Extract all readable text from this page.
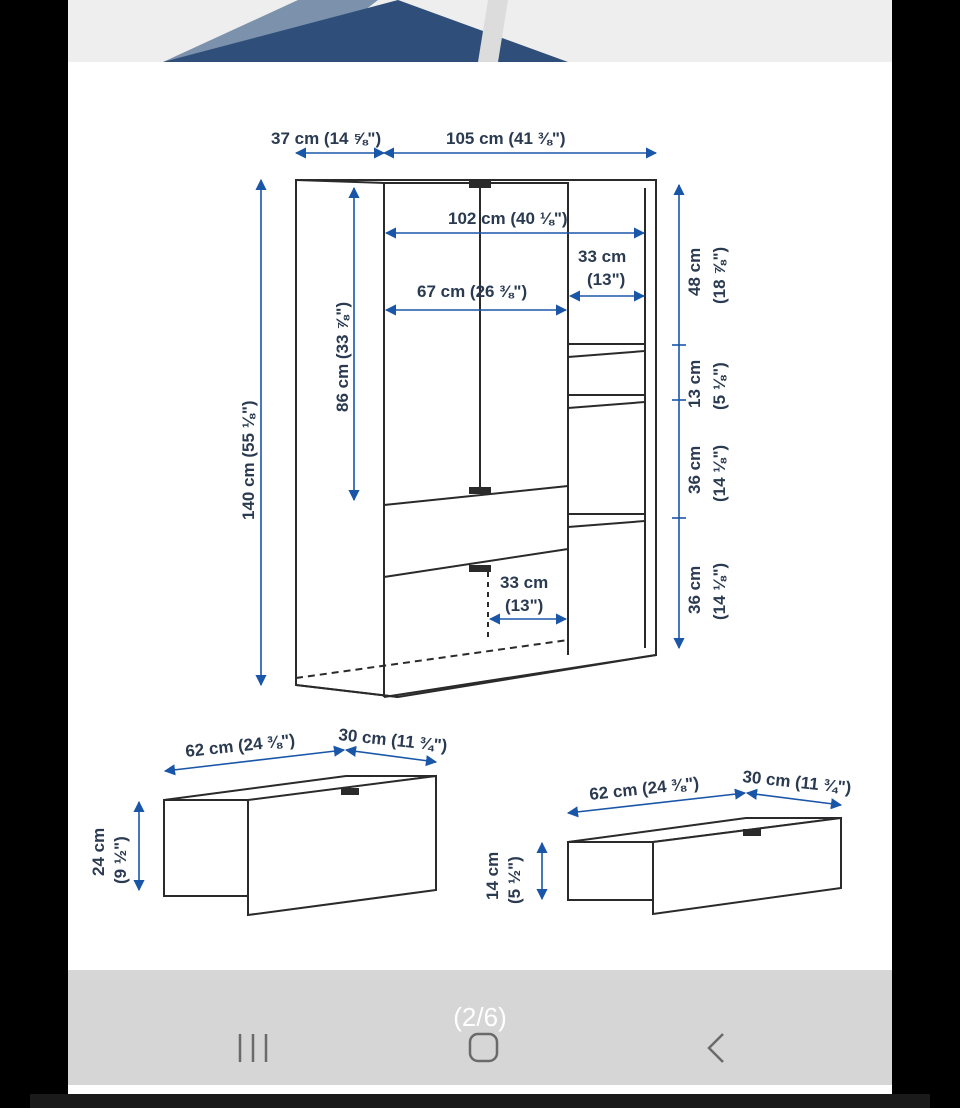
37 cm (14 ⅝")	105 cm (41 ⅜")
102 cm (40 ⅛")
67 cm (26 ⅜")
33 cm
(13")
86 cm (33 ⅞")
140 cm (55 ⅛")
48 cm (18 ⅞")
13 cm (5 ⅛")
36 cm (14 ⅛")
36 cm (14 ⅛")
33 cm
(13")
62 cm (24 ⅜") 30 cm (11 ¾")
24 cm (9 ½")
62 cm (24 ⅜") 30 cm (11 ¾")
14 cm (5 ½")
(2/6)
